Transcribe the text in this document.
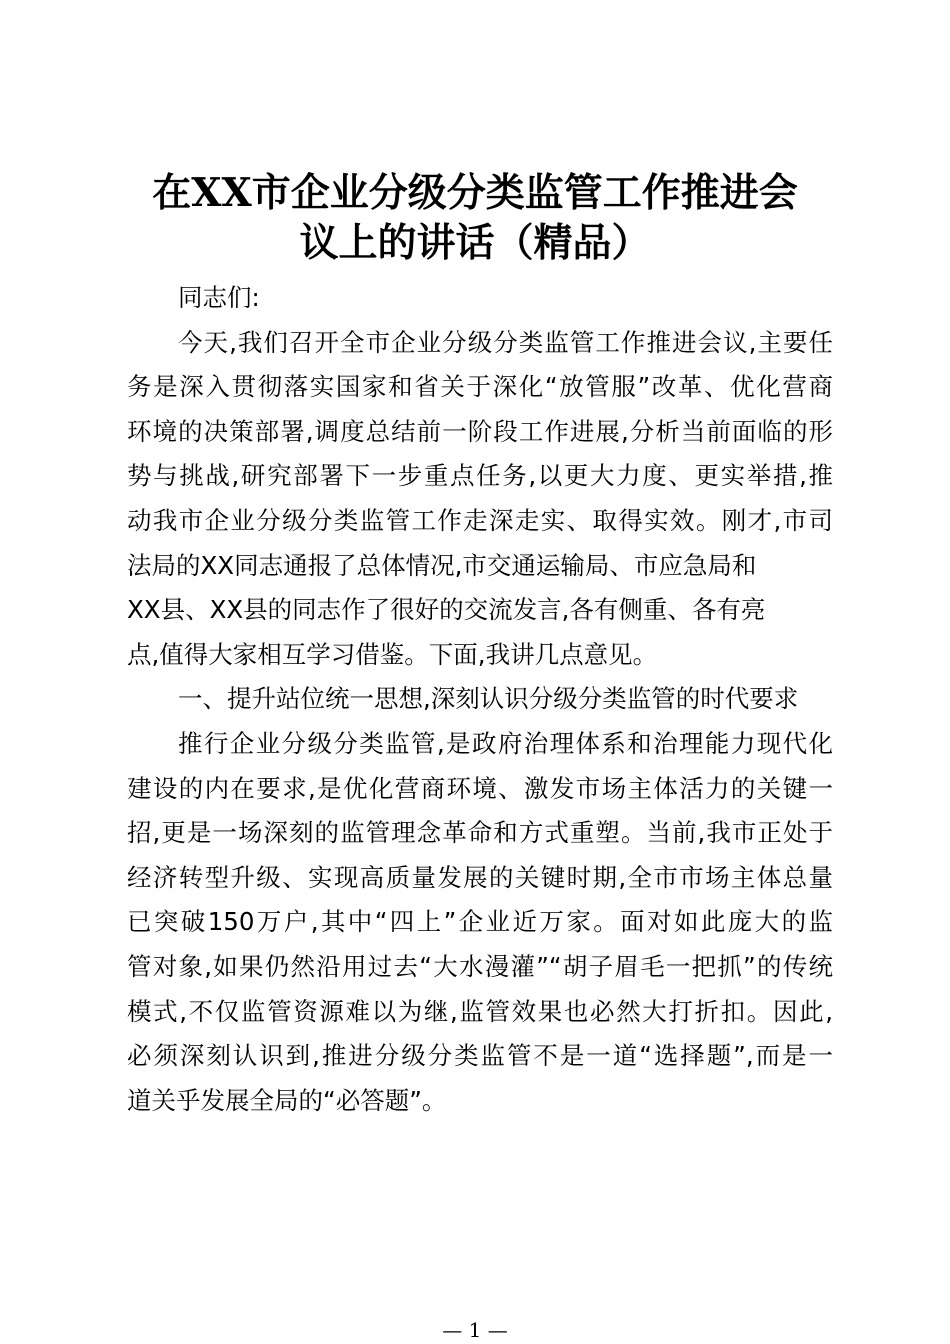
在XX市企业分级分类监管工作推进会
议上的讲话（精品）
同志们:
今天,我们召开全市企业分级分类监管工作推进会议,主要任
务是深入贯彻落实国家和省关于深化“放管服”改革、优化营商
环境的决策部署,调度总结前一阶段工作进展,分析当前面临的形
势与挑战,研究部署下一步重点任务,以更大力度、更实举措,推
动我市企业分级分类监管工作走深走实、取得实效。刚才,市司
法局的XX同志通报了总体情况,市交通运输局、市应急局和
XX县、XX县的同志作了很好的交流发言,各有侧重、各有亮
点,值得大家相互学习借鉴。下面,我讲几点意见。
一、提升站位统一思想,深刻认识分级分类监管的时代要求
推行企业分级分类监管,是政府治理体系和治理能力现代化
建设的内在要求,是优化营商环境、激发市场主体活力的关键一
招,更是一场深刻的监管理念革命和方式重塑。当前,我市正处于
经济转型升级、实现高质量发展的关键时期,全市市场主体总量
已突破150万户,其中“四上”企业近万家。面对如此庞大的监
管对象,如果仍然沿用过去“大水漫灌”“胡子眉毛一把抓”的传统
模式,不仅监管资源难以为继,监管效果也必然大打折扣。因此,
必须深刻认识到,推进分级分类监管不是一道“选择题”,而是一
道关乎发展全局的“必答题”。
— 1 —
